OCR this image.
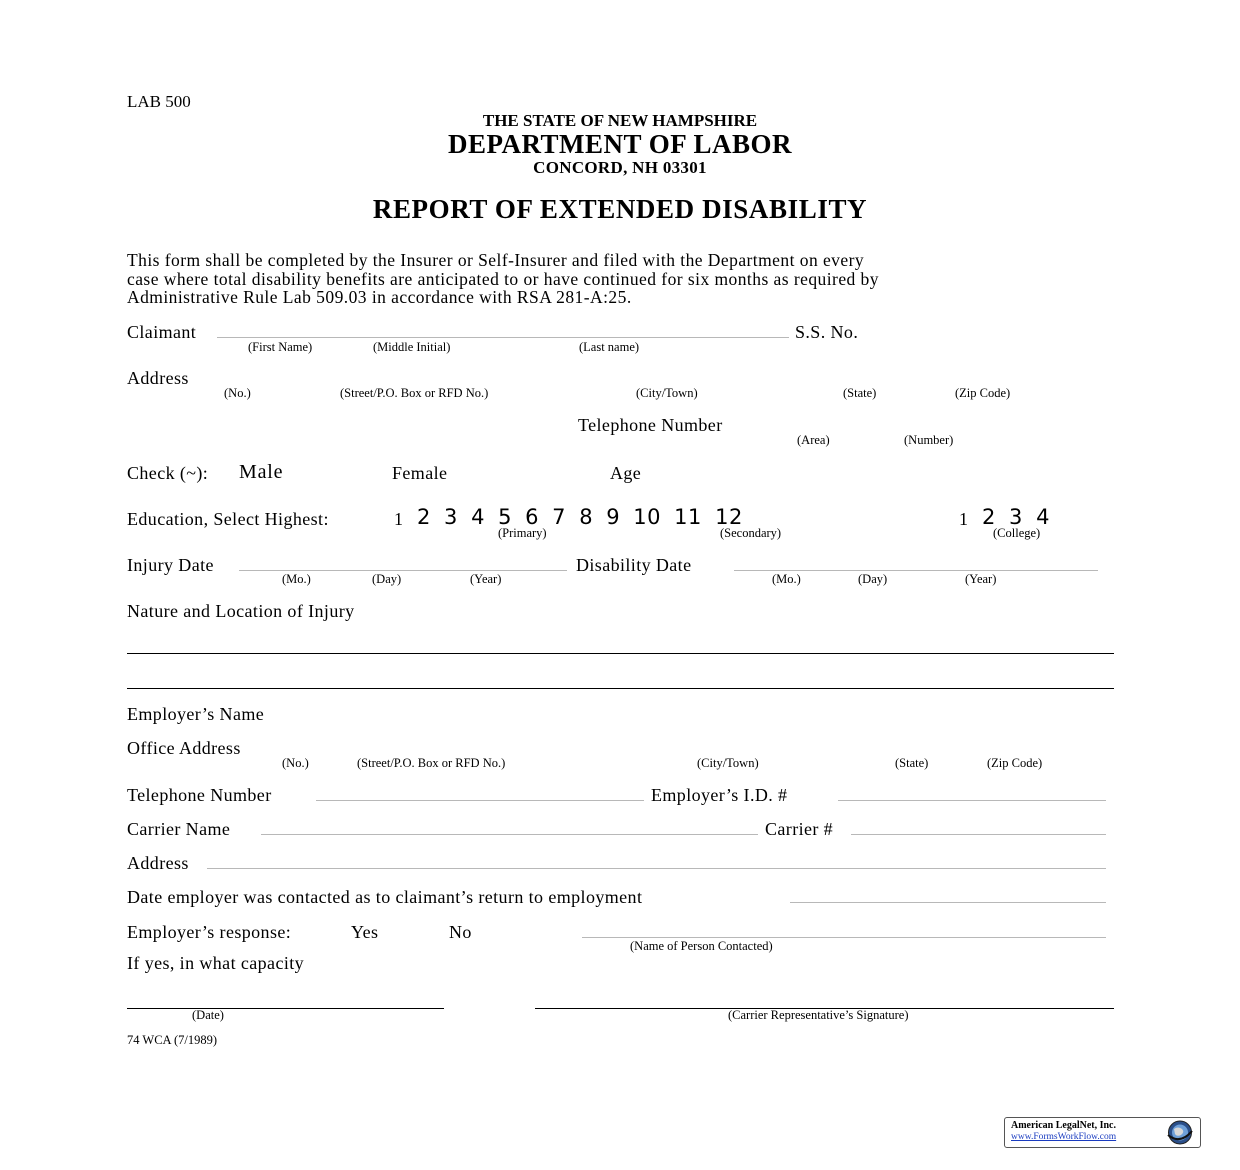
LAB 500
THE STATE OF NEW HAMPSHIRE
DEPARTMENT OF LABOR
CONCORD, NH 03301
REPORT OF EXTENDED DISABILITY
This form shall be completed by the Insurer or Self-Insurer and filed with the Department on every
case where total disability benefits are anticipated to or have continued for six months as required by
Administrative Rule Lab 509.03 in accordance with RSA 281-A:25.
Claimant	S.S. No.
(First Name)	(Middle Initial)	(Last name)
Address
(No.)	(Street/P.O. Box or RFD No.)	(City/Town)	(State)	(Zip Code)
Telephone Number
(Area)	(Number)
Check (~): Male	Female	Age
Education, Select Highest:	1 2 3 4 5 6 7 8 9 10 11 12
(Primary)	(Secondary)
1 2 3 4
(College)
Injury Date
(Mo.)	(Day)	(Year)
Disability Date
(Mo.)	(Day)	(Year)
Nature and Location of Injury
Employer’s Name
Office Address
(No.)	(Street/P.O. Box or RFD No.)	(City/Town)	(State)	(Zip Code)
Telephone Number	Employer’s I.D. #
Carrier Name	Carrier #
Address
Date employer was contacted as to claimant’s return to employment
Employer’s response:	Yes	No
(Name of Person Contacted)
If yes, in what capacity
(Date)	(Carrier Representative’s Signature)
74 WCA (7/1989)
American LegalNet, Inc.
www.FormsWorkFlow.com
